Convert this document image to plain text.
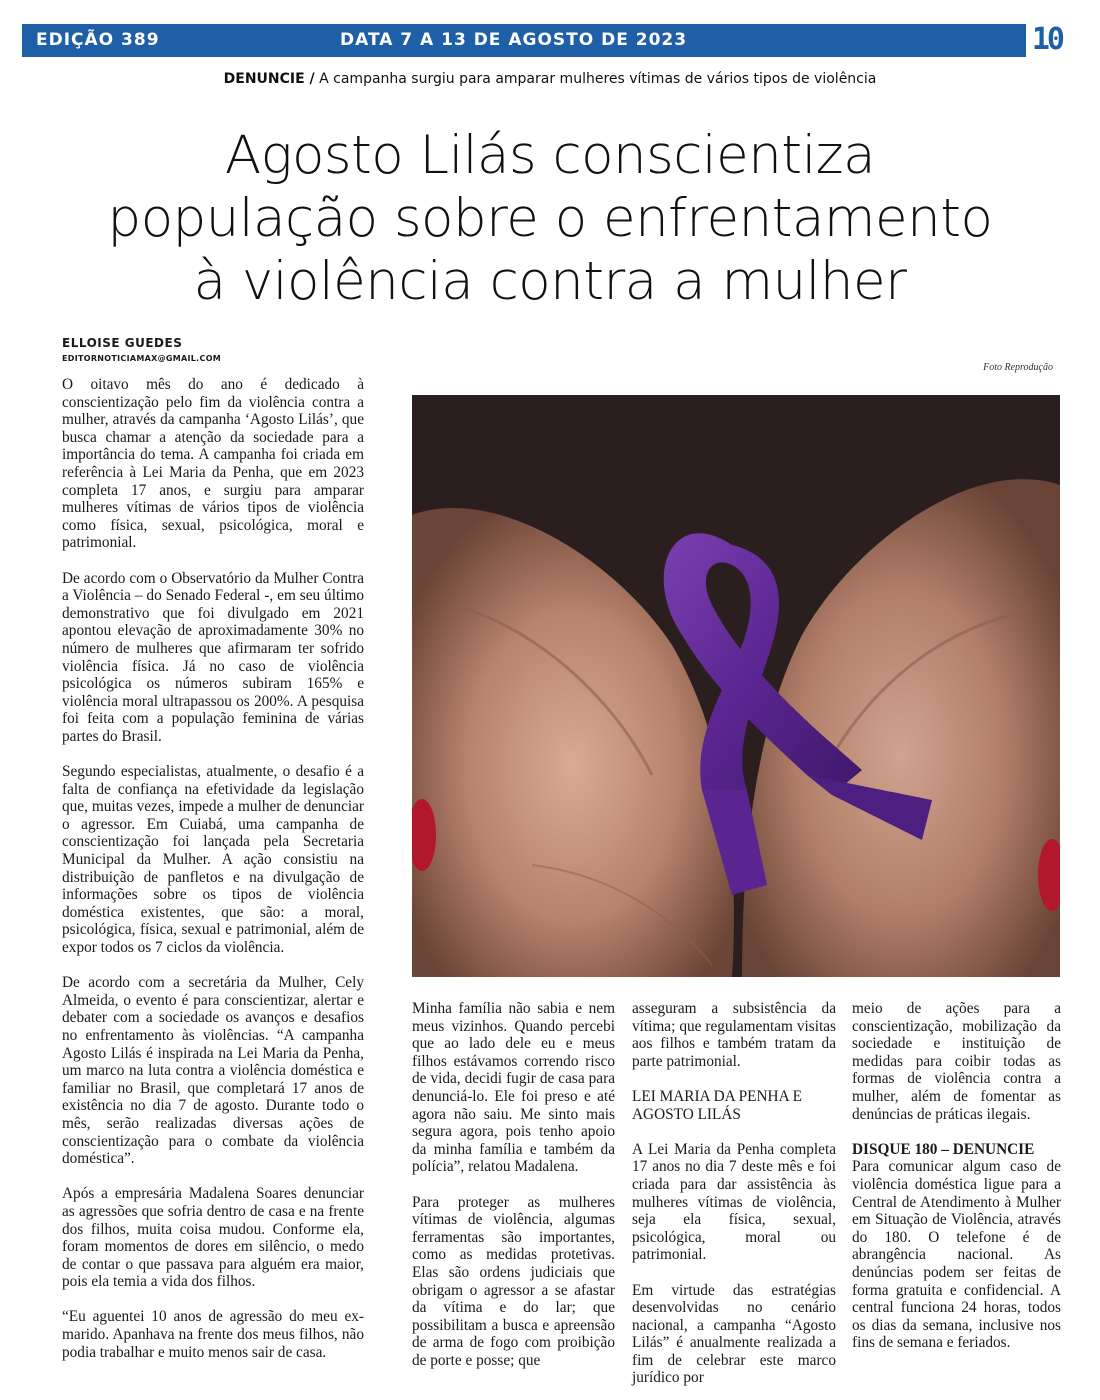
EDIÇÃO 389	DATA 7 A 13 DE AGOSTO DE 2023	10
DENUNCIE / A campanha surgiu para amparar mulheres vítimas de vários tipos de violência
Agosto Lilás conscientiza
população sobre o enfrentamento
à violência contra a mulher
ELLOISE GUEDES
EDITORNOTICIAMAX@GMAIL.COM
Foto Reprodução

O oitavo mês do ano é dedicado à conscientização pelo fim da violência contra a mulher, através da campanha ‘Agosto Lilás’, que busca chamar a atenção da sociedade para a importância do tema. A campanha foi criada em referência à Lei Maria da Penha, que em 2023 completa 17 anos, e surgiu para amparar mulheres vítimas de vários tipos de violência como física, sexual, psicológica, moral e patrimonial.

De acordo com o Observatório da Mulher Contra a Violência – do Senado Federal -, em seu último demonstrativo que foi divulgado em 2021 apontou elevação de aproximadamente 30% no número de mulheres que afirmaram ter sofrido violência física. Já no caso de violência psicológica os números subiram 165% e violência moral ultrapassou os 200%. A pesquisa foi feita com a população feminina de várias partes do Brasil.

Segundo especialistas, atualmente, o desafio é a falta de confiança na efetividade da legislação que, muitas vezes, impede a mulher de denunciar o agressor. Em Cuiabá, uma campanha de conscientização foi lançada pela Secretaria Municipal da Mulher. A ação consistiu na distribuição de panfletos e na divulgação de informações sobre os tipos de violência doméstica existentes, que são: a moral, psicológica, física, sexual e patrimonial, além de expor todos os 7 ciclos da violência.

De acordo com a secretária da Mulher, Cely Almeida, o evento é para conscientizar, alertar e debater com a sociedade os avanços e desafios no enfrentamento às violências. “A campanha Agosto Lilás é inspirada na Lei Maria da Penha, um marco na luta contra a violência doméstica e familiar no Brasil, que completará 17 anos de existência no dia 7 de agosto. Durante todo o mês, serão realizadas diversas ações de conscientização para o combate da violência doméstica”.

Após a empresária Madalena Soares denunciar as agressões que sofria dentro de casa e na frente dos filhos, muita coisa mudou. Conforme ela, foram momentos de dores em silêncio, o medo de contar o que passava para alguém era maior, pois ela temia a vida dos filhos.

“Eu aguentei 10 anos de agressão do meu ex-marido. Apanhava na frente dos meus filhos, não podia trabalhar e muito menos sair de casa.

Minha família não sabia e nem meus vizinhos. Quando percebi que ao lado dele eu e meus filhos estávamos correndo risco de vida, decidi fugir de casa para denunciá-lo. Ele foi preso e até agora não saiu. Me sinto mais segura agora, pois tenho apoio da minha família e também da polícia”, relatou Madalena.

Para proteger as mulheres vítimas de violência, algumas ferramentas são importantes, como as medidas protetivas. Elas são ordens judiciais que obrigam o agressor a se afastar da vítima e do lar; que possibilitam a busca e apreensão de arma de fogo com proibição de porte e posse; que

asseguram a subsistência da vítima; que regulamentam visitas aos filhos e também tratam da parte patrimonial.

LEI MARIA DA PENHA E AGOSTO LILÁS

A Lei Maria da Penha completa 17 anos no dia 7 deste mês e foi criada para dar assistência às mulheres vítimas de violência, seja ela física, sexual, psicológica, moral ou patrimonial.

Em virtude das estratégias desenvolvidas no cenário nacional, a campanha “Agosto Lilás” é anualmente realizada a fim de celebrar este marco jurídico por

meio de ações para a conscientização, mobilização da sociedade e instituição de medidas para coibir todas as formas de violência contra a mulher, além de fomentar as denúncias de práticas ilegais.

DISQUE 180 – DENUNCIE

Para comunicar algum caso de violência doméstica ligue para a Central de Atendimento à Mulher em Situação de Violência, através do 180. O telefone é de abrangência nacional. As denúncias podem ser feitas de forma gratuita e confidencial. A central funciona 24 horas, todos os dias da semana, inclusive nos fins de semana e feriados.
